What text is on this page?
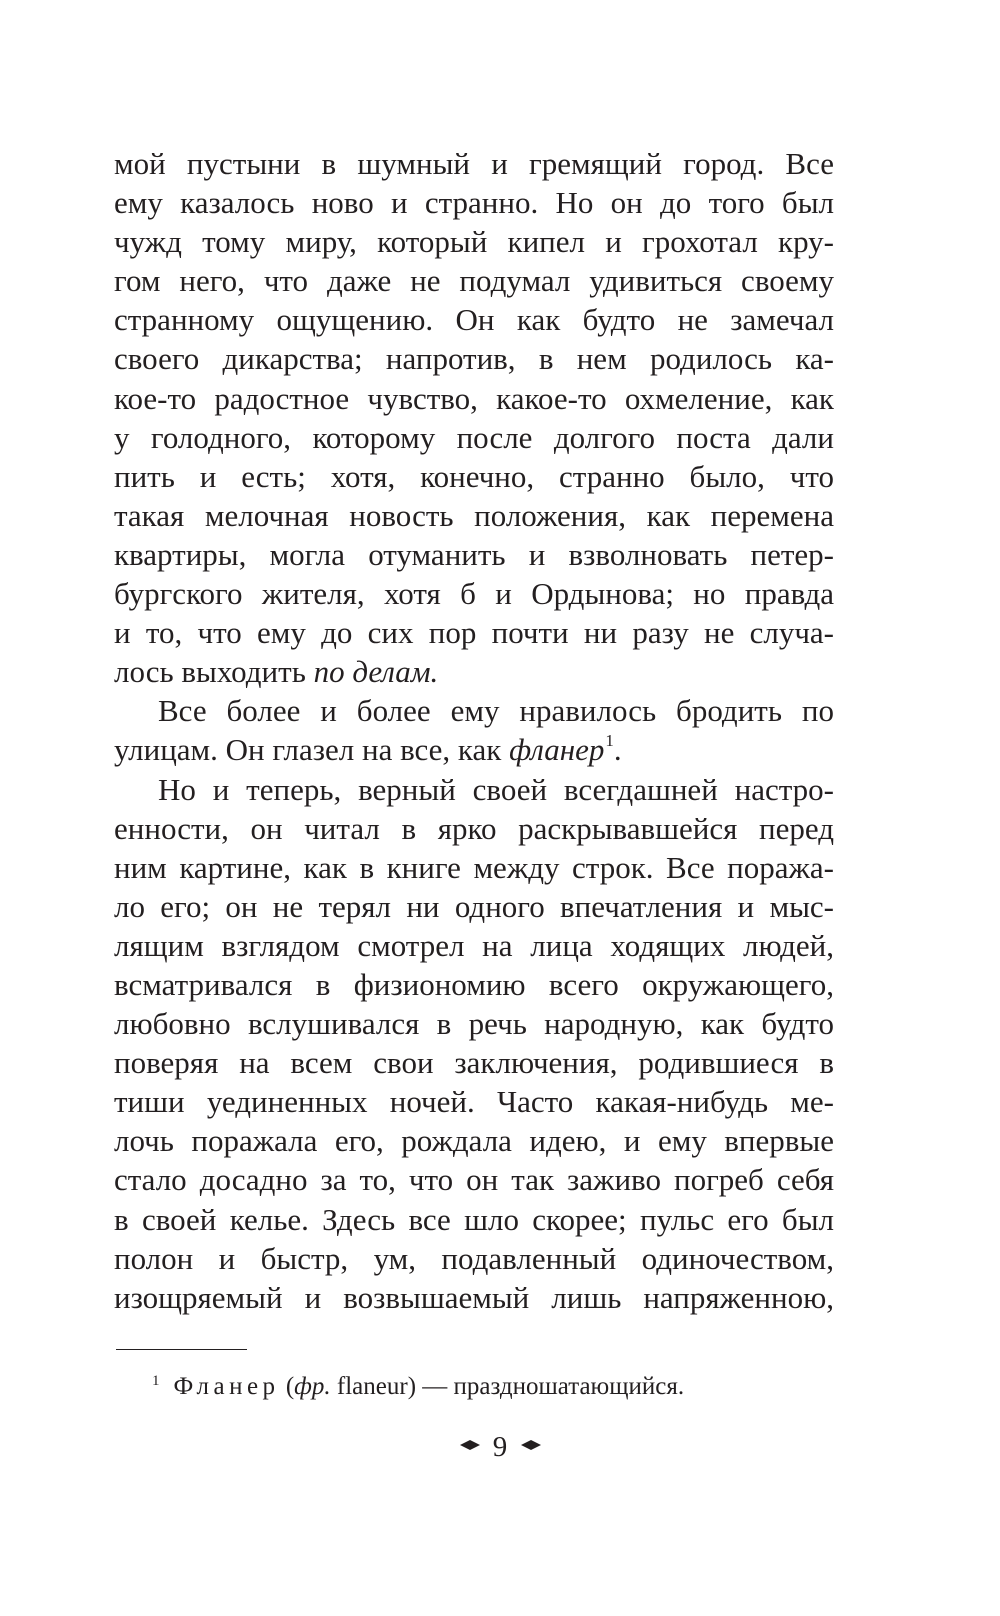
мой пустыни в шумный и гремящий город. Все
ему казалось ново и странно. Но он до того был
чужд тому миру, который кипел и грохотал кру-
гом него, что даже не подумал удивиться своему
странному ощущению. Он как будто не замечал
своего дикарства; напротив, в нем родилось ка-
кое-то радостное чувство, какое-то охмеление, как
у голодного, которому после долгого поста дали
пить и есть; хотя, конечно, странно было, что
такая мелочная новость положения, как перемена
квартиры, могла отуманить и взволновать петер-
бургского жителя, хотя б и Ордынова; но правда
и то, что ему до сих пор почти ни разу не случа-
лось выходить по делам.
Все более и более ему нравилось бродить по
улицам. Он глазел на все, как фланер$^1$.
Но и теперь, верный своей всегдашней настро-
енности, он читал в ярко раскрывавшейся перед
ним картине, как в книге между строк. Все поража-
ло его; он не терял ни одного впечатления и мыс-
лящим взглядом смотрел на лица ходящих людей,
всматривался в физиономию всего окружающего,
любовно вслушивался в речь народную, как будто
поверяя на всем свои заключения, родившиеся в
тиши уединенных ночей. Часто какая-нибудь ме-
лочь поражала его, рождала идею, и ему впервые
стало досадно за то, что он так заживо погреб себя
в своей келье. Здесь все шло скорее; пульс его был
полон и быстр, ум, подавленный одиночеством,
изощряемый и возвышаемый лишь напряженною,
$^1$ Фланер (фр. flaneur) — праздношатающийся.
9
